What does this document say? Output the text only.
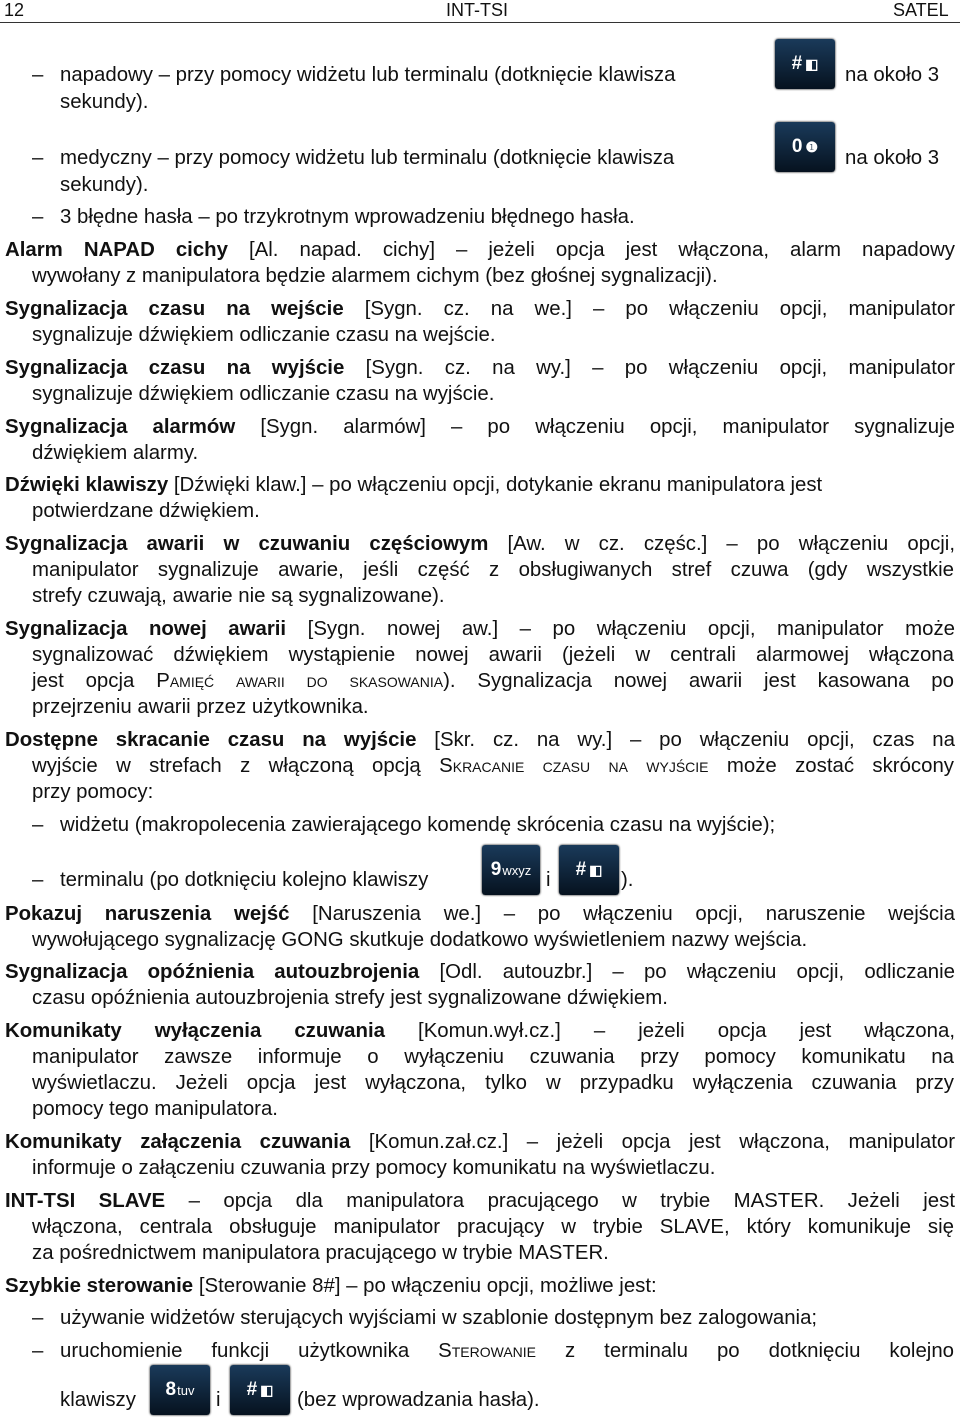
12	INT-TSI	SATEL
– napadowy – przy pomocy widżetu lub terminalu (dotknięcie klawisza
# ◧
na około 3
sekundy).
– medyczny – przy pomocy widżetu lub terminalu (dotknięcie klawisza
0 ❶
na około 3
sekundy).
– 3 błędne hasła – po trzykrotnym wprowadzeniu błędnego hasła.
Alarm NAPAD cichy [Al. napad. cichy] – jeżeli opcja jest włączona, alarm napadowy
wywołany z manipulatora będzie alarmem cichym (bez głośnej sygnalizacji).
Sygnalizacja czasu na wejście [Sygn. cz. na we.] – po włączeniu opcji, manipulator
sygnalizuje dźwiękiem odliczanie czasu na wejście.
Sygnalizacja czasu na wyjście [Sygn. cz. na wy.] – po włączeniu opcji, manipulator
sygnalizuje dźwiękiem odliczanie czasu na wyjście.
Sygnalizacja alarmów [Sygn. alarmów] – po włączeniu opcji, manipulator sygnalizuje
dźwiękiem alarmy.
Dźwięki klawiszy [Dźwięki klaw.] – po włączeniu opcji, dotykanie ekranu manipulatora jest
potwierdzane dźwiękiem.
Sygnalizacja awarii w czuwaniu częściowym [Aw. w cz. częśc.] – po włączeniu opcji,
manipulator sygnalizuje awarie, jeśli część z obsługiwanych stref czuwa (gdy wszystkie
strefy czuwają, awarie nie są sygnalizowane).
Sygnalizacja nowej awarii [Sygn. nowej aw.] – po włączeniu opcji, manipulator może
sygnalizować dźwiękiem wystąpienie nowej awarii (jeżeli w centrali alarmowej włączona
jest opcja Pamięć awarii do skasowania). Sygnalizacja nowej awarii jest kasowana po
przejrzeniu awarii przez użytkownika.
Dostępne skracanie czasu na wyjście [Skr. cz. na wy.] – po włączeniu opcji, czas na
wyjście w strefach z włączoną opcją Skracanie czasu na wyjście może zostać skrócony
przy pomocy:
– widżetu (makropolecenia zawierającego komendę skrócenia czasu na wyjście);
– terminalu (po dotknięciu kolejno klawiszy	9 wxyz i # ◧ ).
Pokazuj naruszenia wejść [Naruszenia we.] – po włączeniu opcji, naruszenie wejścia
wywołującego sygnalizację GONG skutkuje dodatkowo wyświetleniem nazwy wejścia.
Sygnalizacja opóźnienia autouzbrojenia [Odl. autouzbr.] – po włączeniu opcji, odliczanie
czasu opóźnienia autouzbrojenia strefy jest sygnalizowane dźwiękiem.
Komunikaty wyłączenia czuwania [Komun.wył.cz.] – jeżeli opcja jest włączona,
manipulator zawsze informuje o wyłączeniu czuwania przy pomocy komunikatu na
wyświetlaczu. Jeżeli opcja jest wyłączona, tylko w przypadku wyłączenia czuwania przy
pomocy tego manipulatora.
Komunikaty załączenia czuwania [Komun.zał.cz.] – jeżeli opcja jest włączona, manipulator
informuje o załączeniu czuwania przy pomocy komunikatu na wyświetlaczu.
INT-TSI SLAVE – opcja dla manipulatora pracującego w trybie MASTER. Jeżeli jest
włączona, centrala obsługuje manipulator pracujący w trybie SLAVE, który komunikuje się
za pośrednictwem manipulatora pracującego w trybie MASTER.
Szybkie sterowanie [Sterowanie 8#] – po włączeniu opcji, możliwe jest:
– używanie widżetów sterujących wyjściami w szablonie dostępnym bez zalogowania;
– uruchomienie funkcji użytkownika Sterowanie z terminalu po dotknięciu kolejno
klawiszy 8 tuv i # ◧ (bez wprowadzania hasła).
